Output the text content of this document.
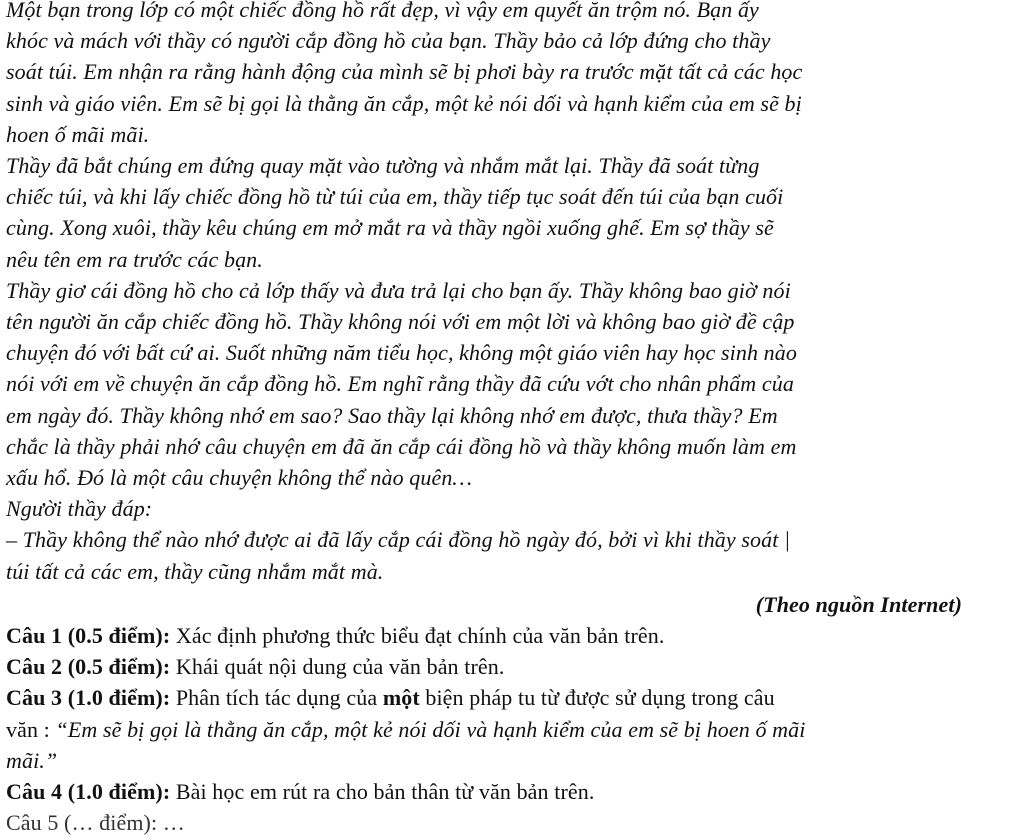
Một bạn trong lớp có một chiếc đồng hồ rất đẹp, vì vậy em quyết ăn trộm nó. Bạn ấy
khóc và mách với thầy có người cắp đồng hồ của bạn. Thầy bảo cả lớp đứng cho thầy
soát túi. Em nhận ra rằng hành động của mình sẽ bị phơi bày ra trước mặt tất cả các học
sinh và giáo viên. Em sẽ bị gọi là thằng ăn cắp, một kẻ nói dối và hạnh kiểm của em sẽ bị
hoen ố mãi mãi.
Thầy đã bắt chúng em đứng quay mặt vào tường và nhắm mắt lại. Thầy đã soát từng
chiếc túi, và khi lấy chiếc đồng hồ từ túi của em, thầy tiếp tục soát đến túi của bạn cuối
cùng. Xong xuôi, thầy kêu chúng em mở mắt ra và thầy ngồi xuống ghế. Em sợ thầy sẽ
nêu tên em ra trước các bạn.
Thầy giơ cái đồng hồ cho cả lớp thấy và đưa trả lại cho bạn ấy. Thầy không bao giờ nói
tên người ăn cắp chiếc đồng hồ. Thầy không nói với em một lời và không bao giờ đề cập
chuyện đó với bất cứ ai. Suốt những năm tiểu học, không một giáo viên hay học sinh nào
nói với em về chuyện ăn cắp đồng hồ. Em nghĩ rằng thầy đã cứu vớt cho nhân phẩm của
em ngày đó. Thầy không nhớ em sao? Sao thầy lại không nhớ em được, thưa thầy? Em
chắc là thầy phải nhớ câu chuyện em đã ăn cắp cái đồng hồ và thầy không muốn làm em
xấu hổ. Đó là một câu chuyện không thể nào quên…
Người thầy đáp:
– Thầy không thể nào nhớ được ai đã lấy cắp cái đồng hồ ngày đó, bởi vì khi thầy soát |
túi tất cả các em, thầy cũng nhắm mắt mà.
(Theo nguồn Internet)
Câu 1 (0.5 điểm): Xác định phương thức biểu đạt chính của văn bản trên.
Câu 2 (0.5 điểm): Khái quát nội dung của văn bản trên.
Câu 3 (1.0 điểm): Phân tích tác dụng của một biện pháp tu từ được sử dụng trong câu
văn : “Em sẽ bị gọi là thằng ăn cắp, một kẻ nói dối và hạnh kiểm của em sẽ bị hoen ố mãi
mãi.”
Câu 4 (1.0 điểm): Bài học em rút ra cho bản thân từ văn bản trên.
Câu 5 (… điểm): …
